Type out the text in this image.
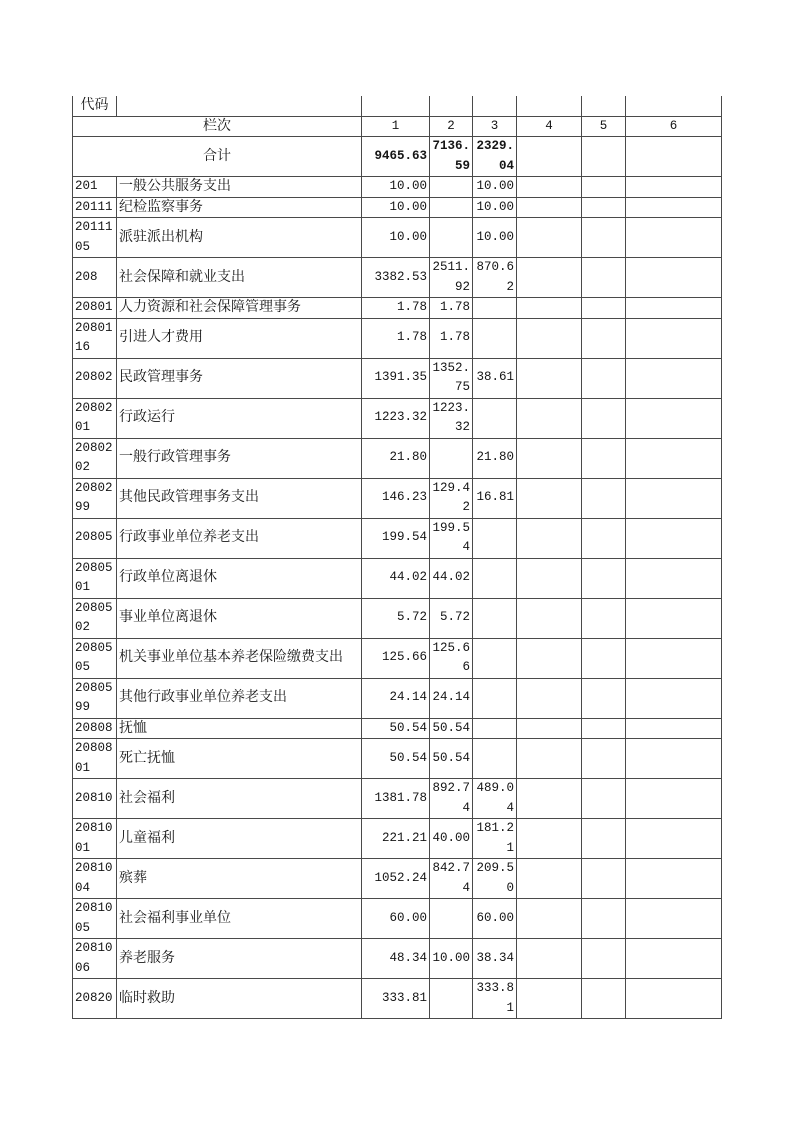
代码							
栏次		1	2	3	4	5	6
合计		9465.63	7136.59	2329.04			
201	一般公共服务支出	10.00		10.00			
20111	纪检监察事务	10.00		10.00			
2011105	派驻派出机构	10.00		10.00			
208	社会保障和就业支出	3382.53	2511.92	870.62			
20801	人力资源和社会保障管理事务	1.78	1.78				
2080116	引进人才费用	1.78	1.78				
20802	民政管理事务	1391.35	1352.75	38.61			
2080201	行政运行	1223.32	1223.32				
2080202	一般行政管理事务	21.80		21.80			
2080299	其他民政管理事务支出	146.23	129.42	16.81			
20805	行政事业单位养老支出	199.54	199.54				
2080501	行政单位离退休	44.02	44.02				
2080502	事业单位离退休	5.72	5.72				
2080505	机关事业单位基本养老保险缴费支出	125.66	125.66				
2080599	其他行政事业单位养老支出	24.14	24.14				
20808	抚恤	50.54	50.54				
2080801	死亡抚恤	50.54	50.54				
20810	社会福利	1381.78	892.74	489.04			
2081001	儿童福利	221.21	40.00	181.21			
2081004	殡葬	1052.24	842.74	209.50			
2081005	社会福利事业单位	60.00		60.00			
2081006	养老服务	48.34	10.00	38.34			
20820	临时救助	333.81		333.81			
